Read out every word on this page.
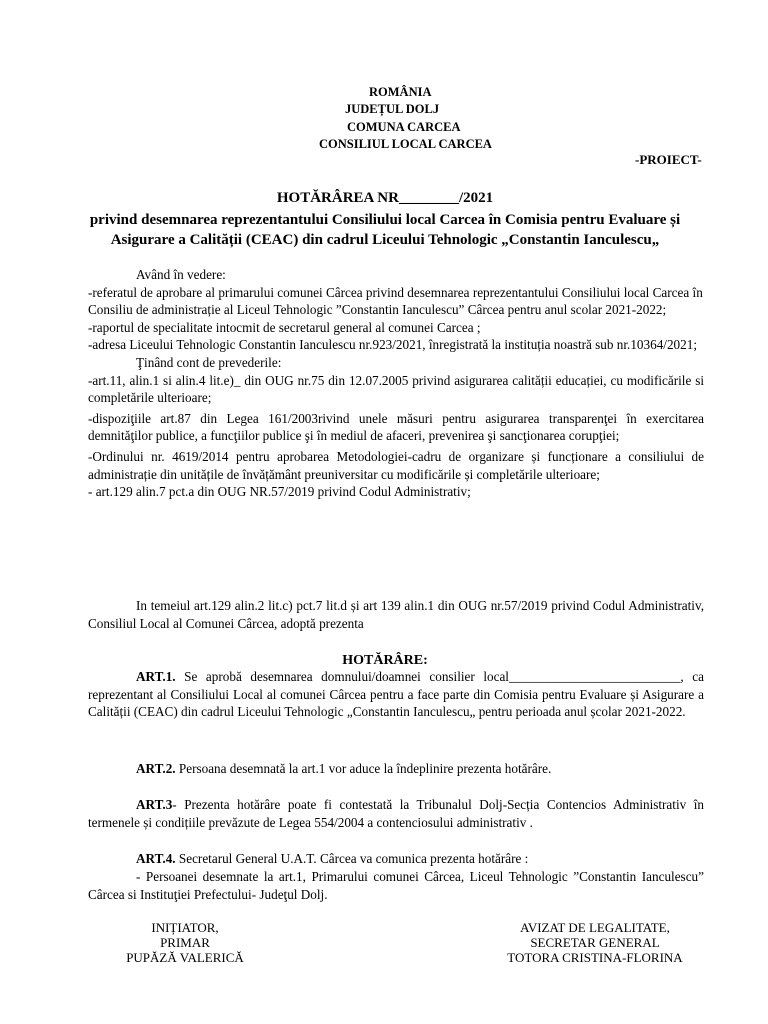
ROMÂNIA
JUDEȚUL DOLJ
COMUNA CARCEA
CONSILIUL LOCAL CARCEA
-PROIECT-
HOTĂRÂREA NR________/2021
privind desemnarea reprezentantului Consiliului local Carcea în Comisia pentru Evaluare și Asigurare a Calității (CEAC) din cadrul Liceului Tehnologic „Constantin Ianculescu„

Având în vedere:

-referatul de aprobare al primarului comunei Cârcea privind desemnarea reprezentantului Consiliului local Carcea în Consiliu de administrație al Liceul Tehnologic ”Constantin Ianculescu” Cârcea pentru anul scolar 2021-2022;

-raportul de specialitate intocmit de secretarul general al comunei Carcea ;

-adresa Liceului Tehnologic Constantin Ianculescu nr.923/2021, înregistrată la instituția noastră sub nr.10364/2021;

Ţinând cont de prevederile:

-art.11, alin.1 si alin.4 lit.e)_ din OUG nr.75 din 12.07.2005 privind asigurarea calității educației, cu modificările si completările ulterioare;

-dispoziţiile art.87 din Legea 161/2003rivind unele măsuri pentru asigurarea transparenţei în exercitarea demnităţilor publice, a funcţiilor publice şi în mediul de afaceri, prevenirea şi sancţionarea corupţiei;

-Ordinului nr. 4619/2014 pentru aprobarea Metodologiei-cadru de organizare și funcționare a consiliului de administrație din unitățile de învățământ preuniversitar cu modificările și completările ulterioare;

- art.129 alin.7 pct.a din OUG NR.57/2019 privind Codul Administrativ;

In temeiul art.129 alin.2 lit.c) pct.7 lit.d și art 139 alin.1 din OUG nr.57/2019 privind Codul Administrativ, Consiliul Local al Comunei Cârcea, adoptă prezenta
HOTĂRÂRE:
ART.1. Se aprobă desemnarea domnului/doamnei consilier local__________________________, ca reprezentant al Consiliului Local al comunei Cârcea pentru a face parte din Comisia pentru Evaluare și Asigurare a Calității (CEAC) din cadrul Liceului Tehnologic „Constantin Ianculescu„ pentru perioada anul școlar 2021-2022.
ART.2. Persoana desemnată la art.1 vor aduce la îndeplinire prezenta hotărâre.
ART.3- Prezenta hotărâre poate fi contestată la Tribunalul Dolj-Secția Contencios Administrativ în termenele și condițiile prevăzute de Legea 554/2004 a contenciosului administrativ .
ART.4. Secretarul General U.A.T. Cârcea va comunica prezenta hotărâre :
- Persoanei desemnate la art.1, Primarului comunei Cârcea, Liceul Tehnologic ”Constantin Ianculescu” Cârcea si Instituţiei Prefectului- Judeţul Dolj.
INIȚIATOR,
PRIMAR
PUPĂZĂ VALERICĂ
AVIZAT DE LEGALITATE,
SECRETAR GENERAL
TOTORA CRISTINA-FLORINA
